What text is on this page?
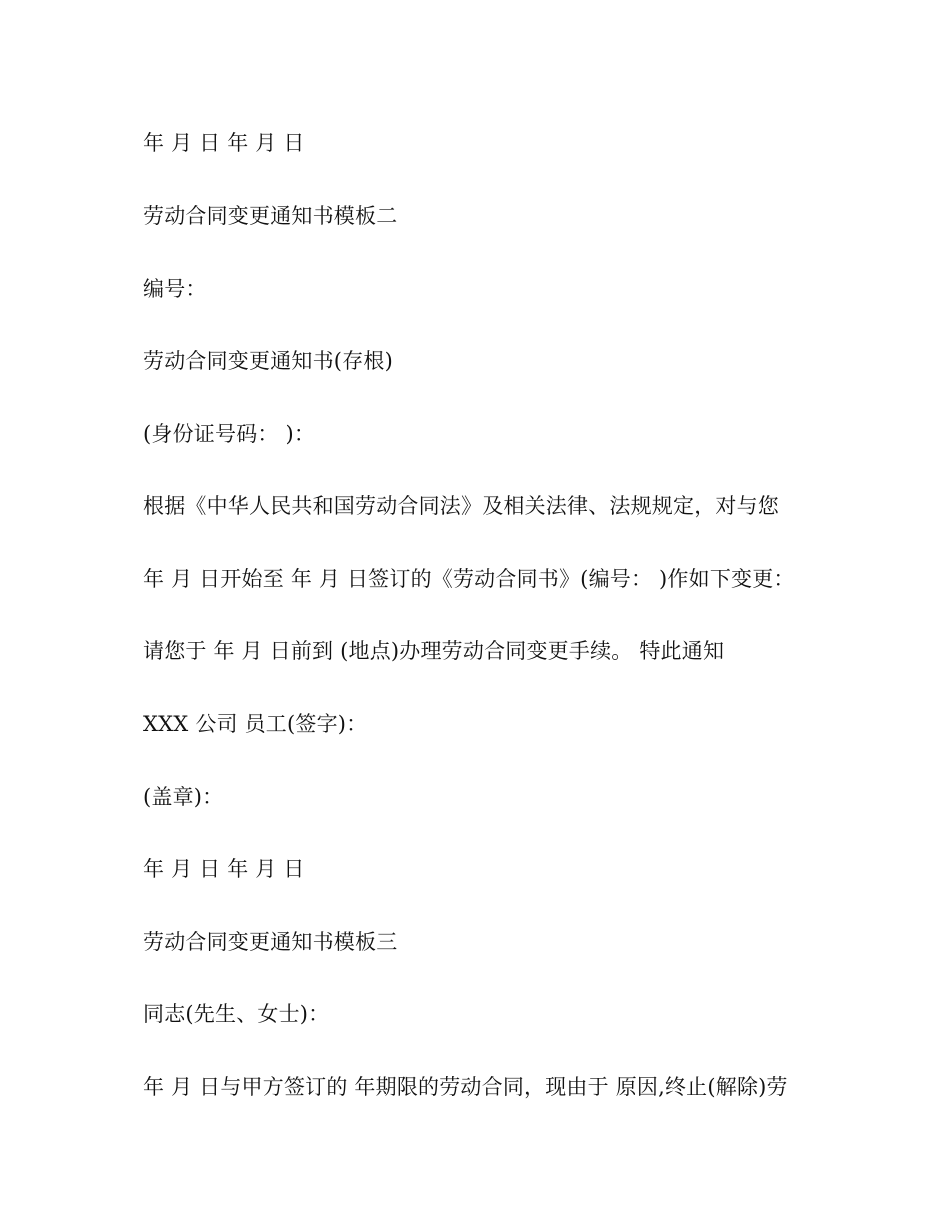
年 月 日 年 月 日

劳动合同变更通知书模板二

编号：

劳动合同变更通知书(存根)

(身份证号码： )：

根据《中华人民共和国劳动合同法》及相关法律、法规规定，对与您

年 月 日开始至 年 月 日签订的《劳动合同书》(编号： )作如下变更：

请您于 年 月 日前到 (地点)办理劳动合同变更手续。 特此通知

XXX 公司 员工(签字)：

(盖章)：

年 月 日 年 月 日

劳动合同变更通知书模板三

同志(先生、女士)：

年 月 日与甲方签订的 年期限的劳动合同，现由于 原因,终止(解除)劳
